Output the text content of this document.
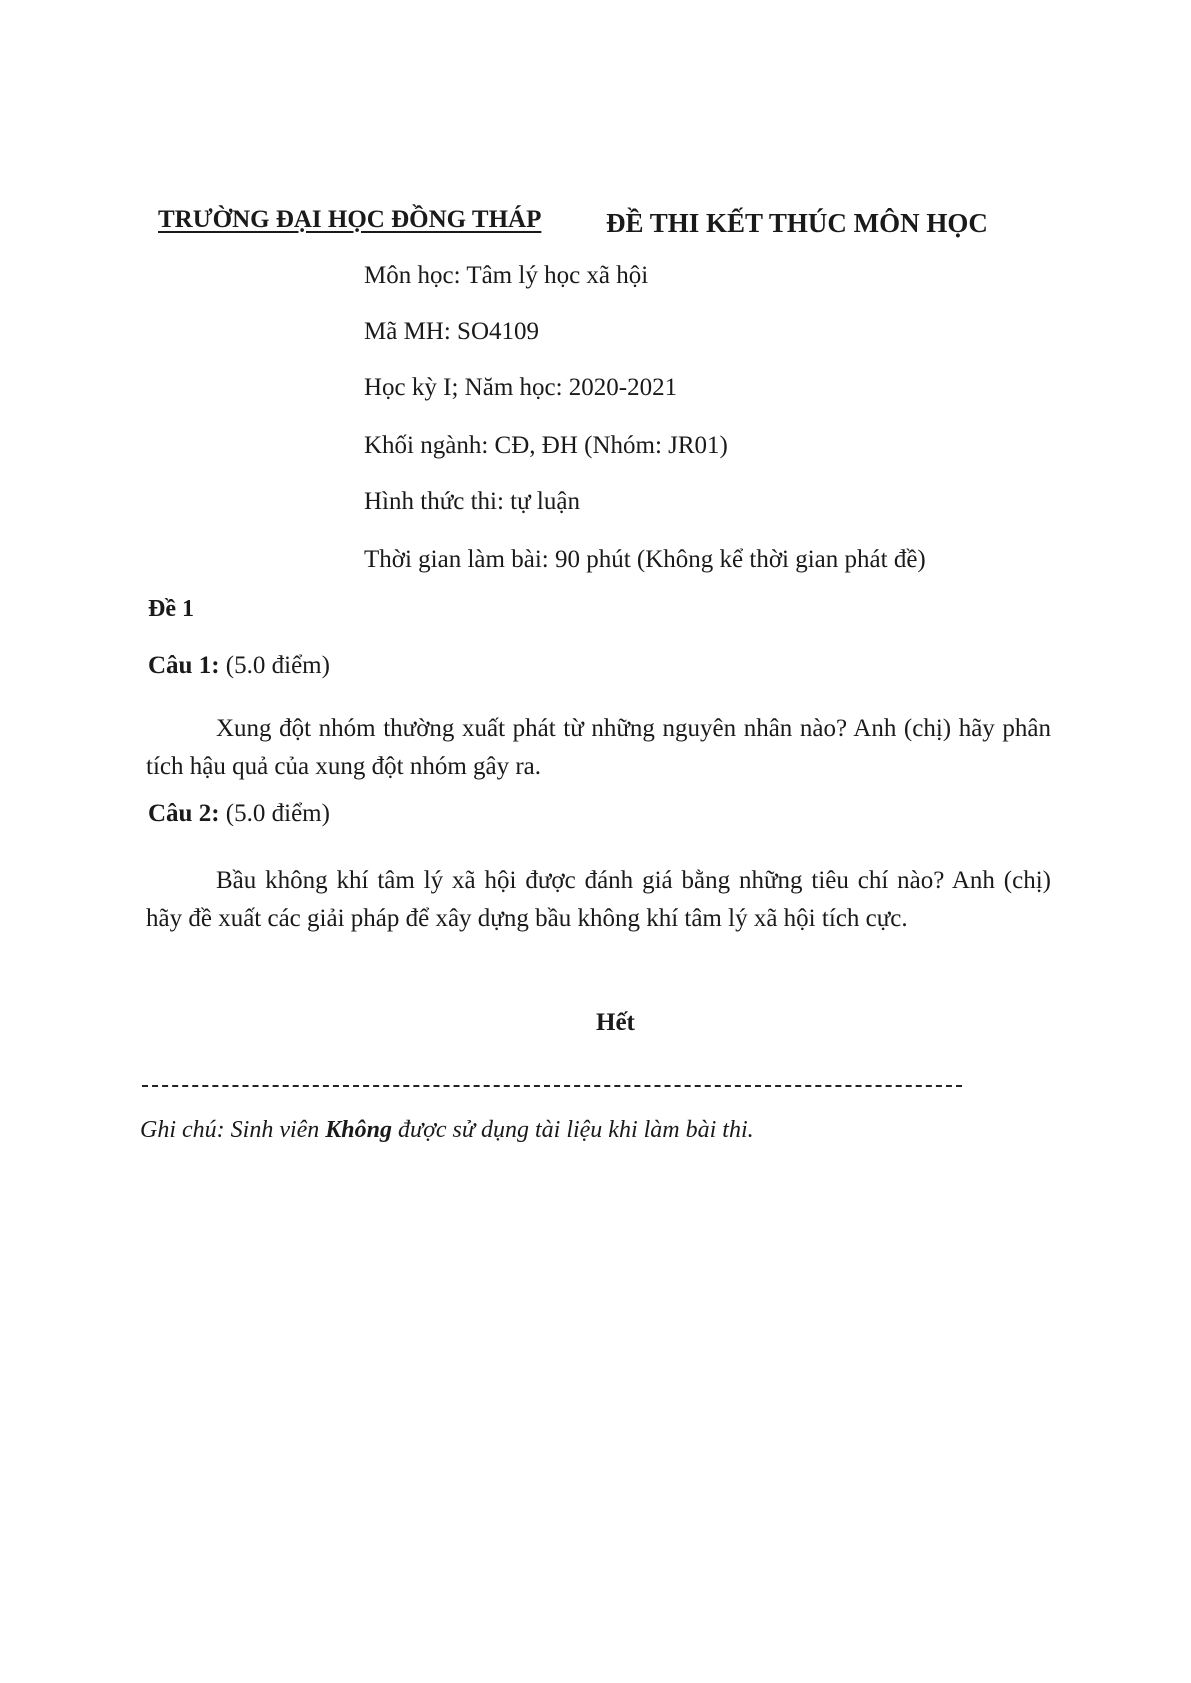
TRƯỜNG ĐẠI HỌC ĐỒNG THÁP ĐỀ THI KẾT THÚC MÔN HỌC
Môn học: Tâm lý học xã hội
Mã MH: SO4109
Học kỳ I; Năm học: 2020-2021
Khối ngành: CĐ, ĐH (Nhóm: JR01)
Hình thức thi: tự luận
Thời gian làm bài: 90 phút (Không kể thời gian phát đề)
Đề 1
Câu 1: (5.0 điểm)
Xung đột nhóm thường xuất phát từ những nguyên nhân nào? Anh (chị) hãy phân tích hậu quả của xung đột nhóm gây ra.
Câu 2: (5.0 điểm)
Bầu không khí tâm lý xã hội được đánh giá bằng những tiêu chí nào? Anh (chị) hãy đề xuất các giải pháp để xây dựng bầu không khí tâm lý xã hội tích cực.
Hết
Ghi chú: Sinh viên Không được sử dụng tài liệu khi làm bài thi.
